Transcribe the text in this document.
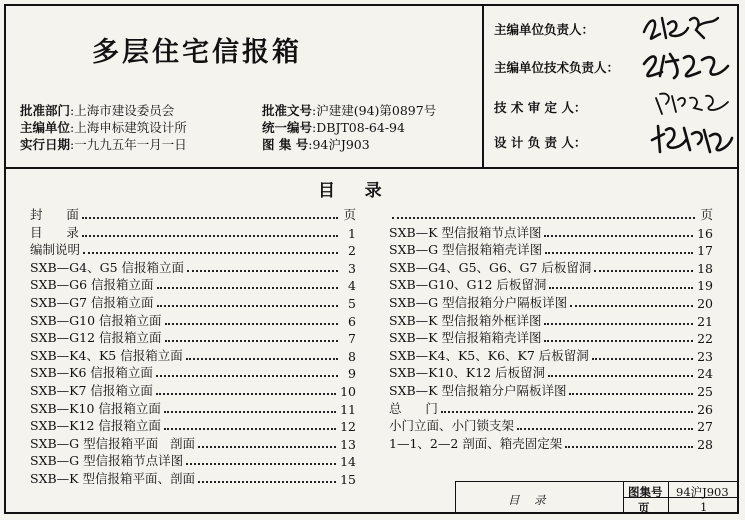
多层住宅信报箱
批准部门:上海市建设委员会
主编单位:上海申标建筑设计所
实行日期:一九九五年一月一日
批准文号:沪建建(94)第0897号
统一编号:DBJT08-64-94
图 集 号:94沪J903
主编单位负责人：
主编单位技术负责人：
技 术 审 定 人：
设 计 负 责 人：
目     录
封      面	页
目      录	1
编制说明	2
SXB—G4、G5 信报箱立面	3
SXB—G6 信报箱立面	4
SXB—G7 信报箱立面	5
SXB—G10 信报箱立面	6
SXB—G12 信报箱立面	7
SXB—K4、K5 信报箱立面	8
SXB—K6 信报箱立面	9
SXB—K7 信报箱立面	10
SXB—K10 信报箱立面	11
SXB—K12 信报箱立面	12
SXB—G 型信报箱平面   剖面	13
SXB—G 型信报箱节点详图	14
SXB—K 型信报箱平面、剖面	15
页
SXB—K 型信报箱节点详图	16
SXB—G 型信报箱箱壳详图	17
SXB—G4、G5、G6、G7 后板留洞	18
SXB—G10、G12 后板留洞	19
SXB—G 型信报箱分户隔板详图	20
SXB—K 型信报箱外框详图	21
SXB—K 型信报箱箱壳详图	22
SXB—K4、K5、K6、K7 后板留洞	23
SXB—K10、K12 后板留洞	24
SXB—K 型信报箱分户隔板详图	25
总      门	26
小门立面、小门锁支架	27
1—1、2—2 剖面、箱壳固定架	28
目    录
图集号 94沪J903
页	1
